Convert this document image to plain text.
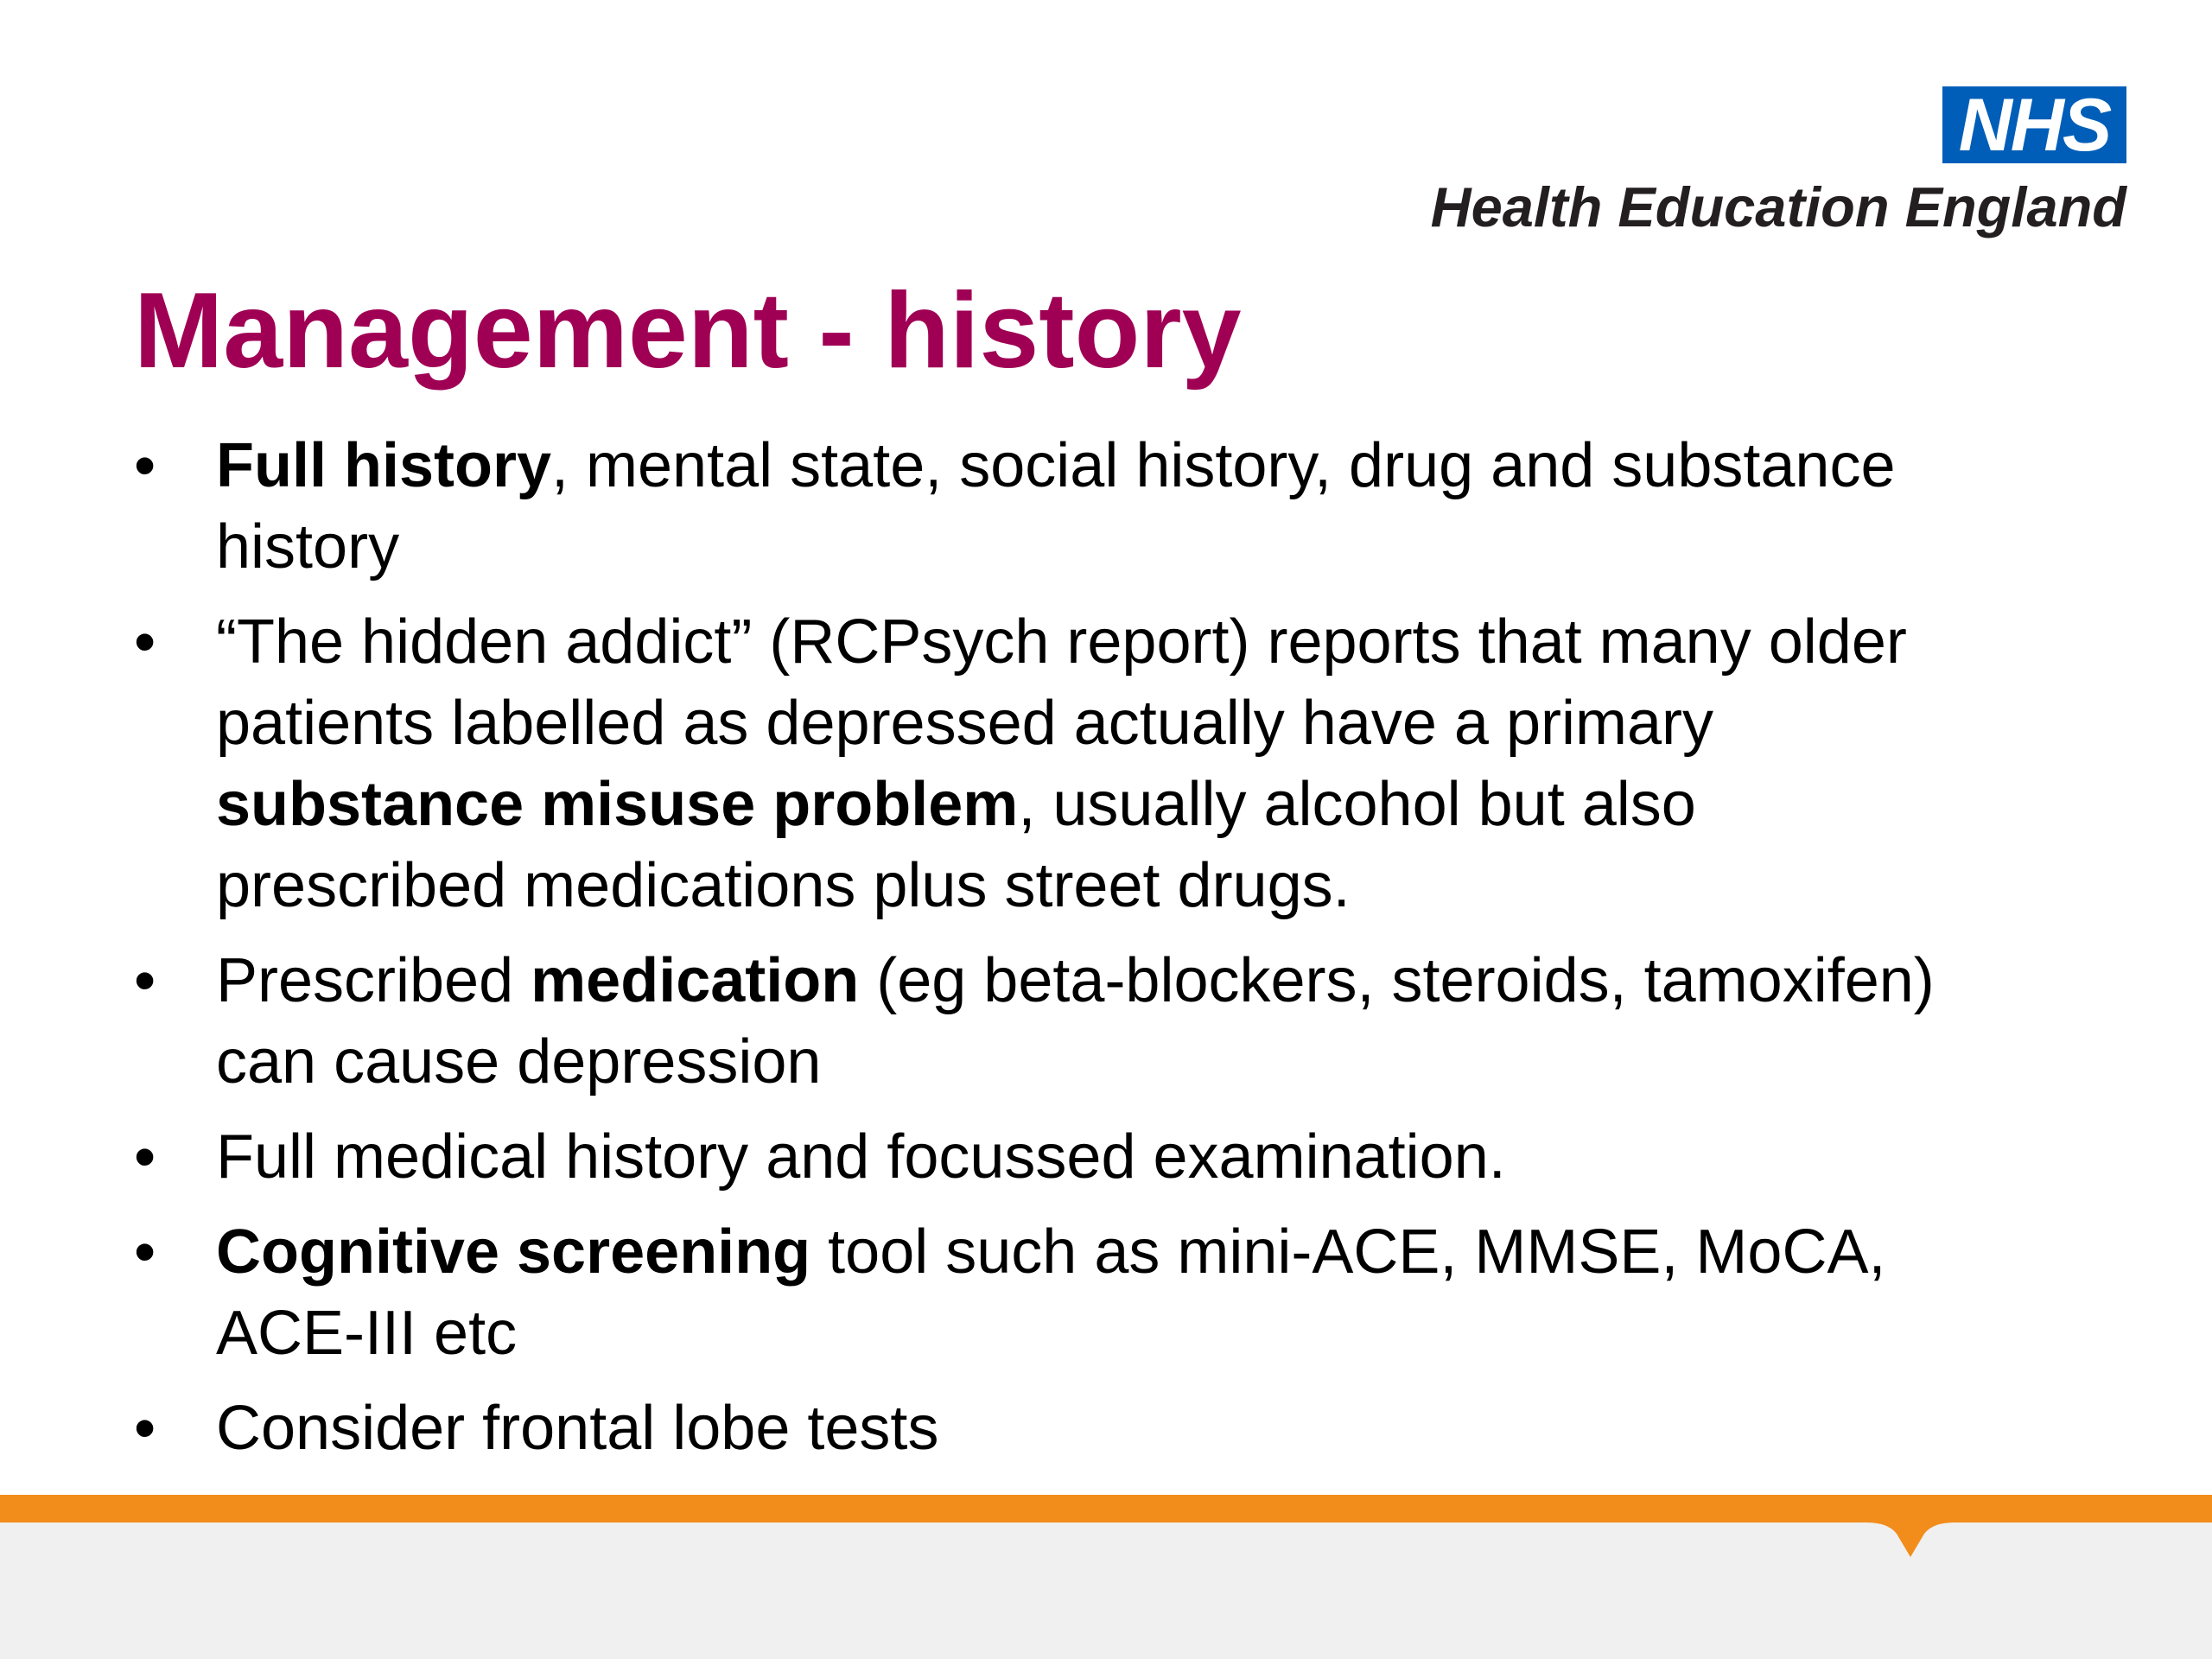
NHS
Health Education England
Management - history
• Full history, mental state, social history, drug and substance history
• “The hidden addict” (RCPsych report) reports that many older patients labelled as depressed actually have a primary substance misuse problem, usually alcohol but also prescribed medications plus street drugs.
• Prescribed medication (eg beta-blockers, steroids, tamoxifen) can cause depression
• Full medical history and focussed examination.
• Cognitive screening tool such as mini-ACE, MMSE, MoCA, ACE-III etc
• Consider frontal lobe tests
